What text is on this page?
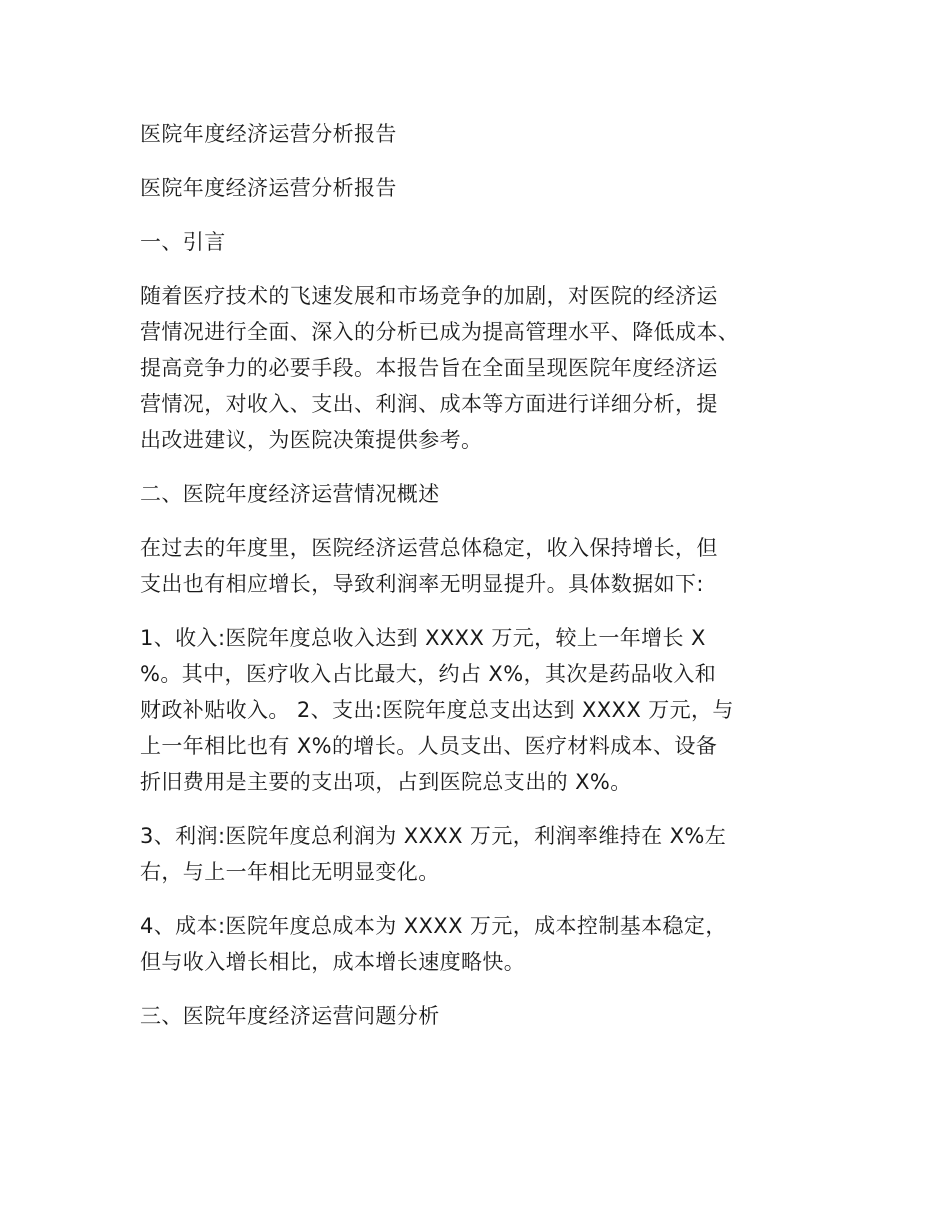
医院年度经济运营分析报告

医院年度经济运营分析报告

一、引言

随着医疗技术的飞速发展和市场竞争的加剧，对医院的经济运
营情况进行全面、深入的分析已成为提高管理水平、降低成本、
提高竞争力的必要手段。本报告旨在全面呈现医院年度经济运
营情况，对收入、支出、利润、成本等方面进行详细分析，提
出改进建议，为医院决策提供参考。

二、医院年度经济运营情况概述

在过去的年度里，医院经济运营总体稳定，收入保持增长，但
支出也有相应增长，导致利润率无明显提升。具体数据如下:

1、收入:医院年度总收入达到 XXXX 万元，较上一年增长 X
%。其中，医疗收入占比最大，约占 X%，其次是药品收入和
财政补贴收入。 2、支出:医院年度总支出达到 XXXX 万元，与
上一年相比也有 X%的增长。人员支出、医疗材料成本、设备
折旧费用是主要的支出项，占到医院总支出的 X%。

3、利润:医院年度总利润为 XXXX 万元，利润率维持在 X%左
右，与上一年相比无明显变化。

4、成本:医院年度总成本为 XXXX 万元，成本控制基本稳定，
但与收入增长相比，成本增长速度略快。

三、医院年度经济运营问题分析
